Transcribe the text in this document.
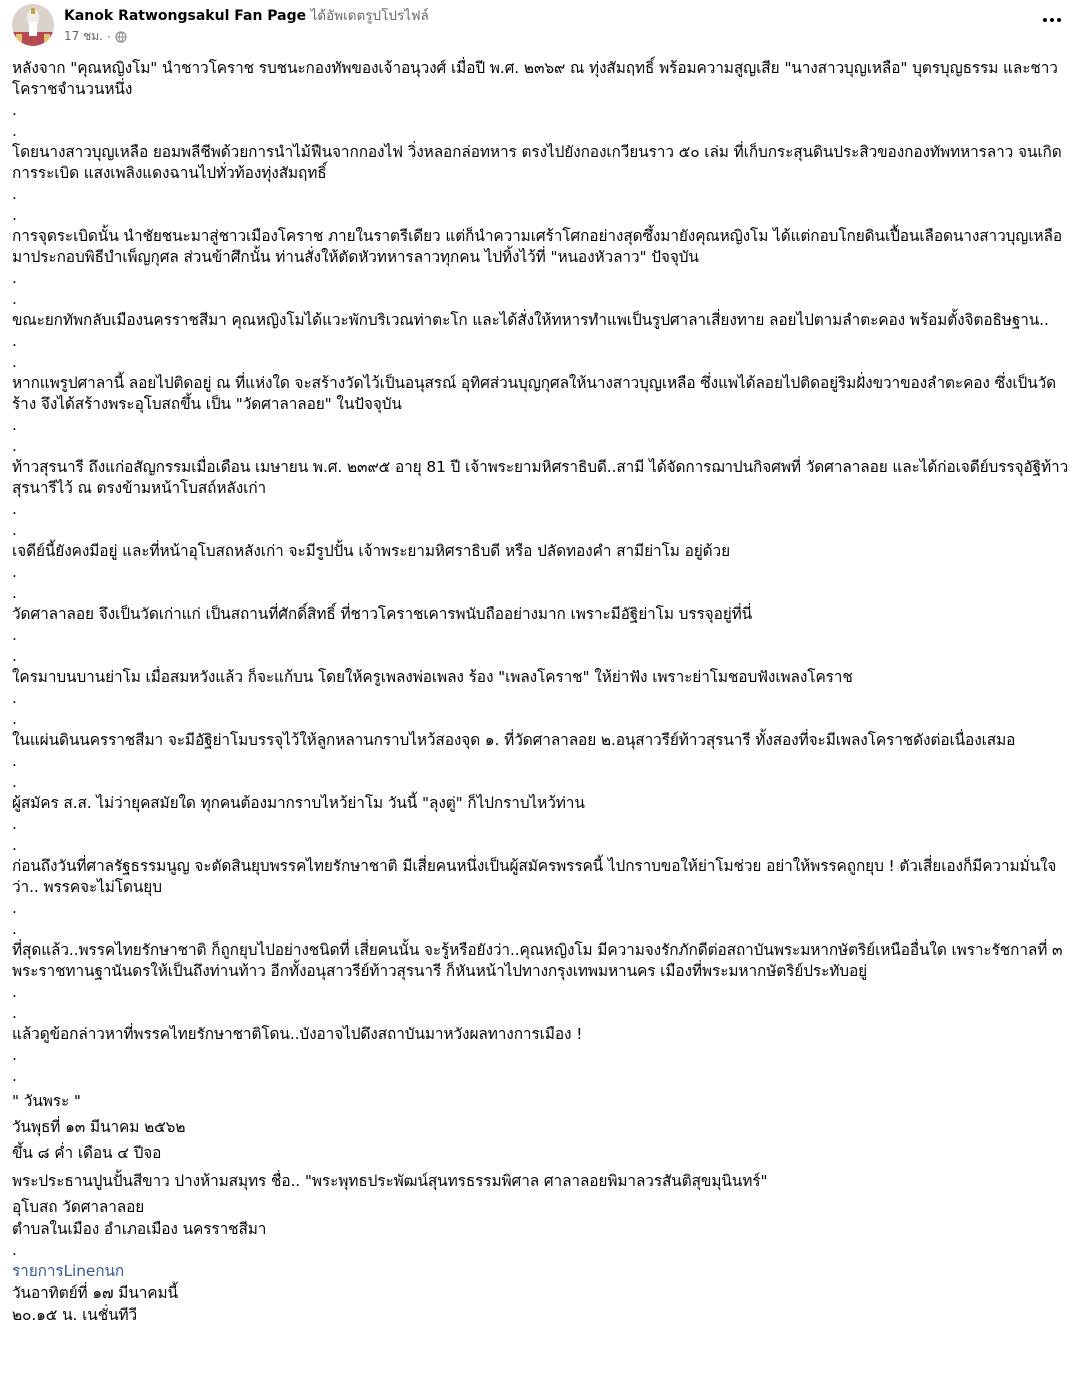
Kanok Ratwongsakul Fan Page ได้อัพเดตรูปโปรไฟล์
17 ชม. ·

หลังจาก "คุณหญิงโม" นำชาวโคราช รบชนะกองทัพของเจ้าอนุวงศ์ เมื่อปี พ.ศ. ๒๓๖๙ ณ ทุ่งสัมฤทธิ์ พร้อมความสูญเสีย "นางสาวบุญเหลือ" บุตรบุญธรรม และชาวโคราชจำนวนหนึ่ง

.

.

โดยนางสาวบุญเหลือ ยอมพลีชีพด้วยการนำไม้ฟืนจากกองไฟ วิ่งหลอกล่อทหาร ตรงไปยังกองเกวียนราว ๕๐ เล่ม ที่เก็บกระสุนดินประสิวของกองทัพทหารลาว จนเกิดการระเบิด แสงเพลิงแดงฉานไปทั่วท้องทุ่งสัมฤทธิ์

.

.

การจุดระเบิดนั้น นำชัยชนะมาสู่ชาวเมืองโคราช ภายในราตรีเดียว แต่ก็นำความเศร้าโศกอย่างสุดซึ้งมายังคุณหญิงโม ได้แต่กอบโกยดินเปื้อนเลือดนางสาวบุญเหลือ มาประกอบพิธีบำเพ็ญกุศล ส่วนข้าศึกนั้น ท่านสั่งให้ตัดหัวทหารลาวทุกคน ไปทิ้งไว้ที่ "หนองหัวลาว" ปัจจุบัน

.

.

ขณะยกทัพกลับเมืองนครราชสีมา คุณหญิงโมได้แวะพักบริเวณท่าตะโก และได้สั่งให้ทหารทำแพเป็นรูปศาลาเสี่ยงทาย ลอยไปตามลำตะคอง พร้อมตั้งจิตอธิษฐาน..

.

.

หากแพรูปศาลานี้ ลอยไปติดอยู่ ณ ที่แห่งใด จะสร้างวัดไว้เป็นอนุสรณ์ อุทิศส่วนบุญกุศลให้นางสาวบุญเหลือ ซึ่งแพได้ลอยไปติดอยู่ริมฝั่งขวาของลำตะคอง ซึ่งเป็นวัดร้าง จึงได้สร้างพระอุโบสถขึ้น เป็น "วัดศาลาลอย" ในปัจจุบัน

.

.

ท้าวสุรนารี ถึงแก่อสัญกรรมเมื่อเดือน เมษายน พ.ศ. ๒๓๙๕ อายุ 81 ปี เจ้าพระยามหิศราธิบดี..สามี ได้จัดการฌาปนกิจศพที่ วัดศาลาลอย และได้ก่อเจดีย์บรรจุอัฐิท้าวสุรนารีไว้ ณ ตรงข้ามหน้าโบสถ์หลังเก่า

.

.

เจดีย์นี้ยังคงมีอยู่ และที่หน้าอุโบสถหลังเก่า จะมีรูปปั้น เจ้าพระยามหิศราธิบดี หรือ ปลัดทองคำ สามีย่าโม อยู่ด้วย

.

.

วัดศาลาลอย จึงเป็นวัดเก่าแก่ เป็นสถานที่ศักดิ์สิทธิ์ ที่ชาวโคราชเคารพนับถืออย่างมาก เพราะมีอัฐิย่าโม บรรจุอยู่ที่นี่

.

.

ใครมาบนบานย่าโม เมื่อสมหวังแล้ว ก็จะแก้บน โดยให้ครูเพลงพ่อเพลง ร้อง "เพลงโคราช" ให้ย่าฟัง เพราะย่าโมชอบฟังเพลงโคราช

.

.

ในแผ่นดินนครราชสีมา จะมีอัฐิย่าโมบรรจุไว้ให้ลูกหลานกราบไหว้สองจุด ๑. ที่วัดศาลาลอย ๒.อนุสาวรีย์ท้าวสุรนารี ทั้งสองที่จะมีเพลงโคราชดังต่อเนื่องเสมอ

.

.

ผู้สมัคร ส.ส. ไม่ว่ายุคสมัยใด ทุกคนต้องมากราบไหว้ย่าโม วันนี้ "ลุงตู่" ก็ไปกราบไหว้ท่าน

.

.

ก่อนถึงวันที่ศาลรัฐธรรมนูญ จะตัดสินยุบพรรคไทยรักษาชาติ มีเสี่ยคนหนึ่งเป็นผู้สมัครพรรคนี้ ไปกราบขอให้ย่าโมช่วย อย่าให้พรรคถูกยุบ ! ตัวเสี่ยเองก็มีความมั่นใจว่า.. พรรคจะไม่โดนยุบ

.

.

ที่สุดแล้ว..พรรคไทยรักษาชาติ ก็ถูกยุบไปอย่างชนิดที่ เสี่ยคนนั้น จะรู้หรือยังว่า..คุณหญิงโม มีความจงรักภักดีต่อสถาบันพระมหากษัตริย์เหนืออื่นใด เพราะรัชกาลที่ ๓ พระราชทานฐานันดรให้เป็นถึงท่านท้าว อีกทั้งอนุสาวรีย์ท้าวสุรนารี ก็หันหน้าไปทางกรุงเทพมหานคร เมืองที่พระมหากษัตริย์ประทับอยู่

.

.

แล้วดูข้อกล่าวหาที่พรรคไทยรักษาชาติโดน..บังอาจไปดึงสถาบันมาหวังผลทางการเมือง !

.

.

" วันพระ "

วันพุธที่ ๑๓ มีนาคม ๒๕๖๒

ขึ้น ๘ ค่ำ เดือน ๔ ปีจอ

พระประธานปูนปั้นสีขาว ปางห้ามสมุทร ชื่อ.. "พระพุทธประพัฒน์สุนทรธรรมพิศาล ศาลาลอยพิมาลวรสันติสุขมุนินทร์"

อุโบสถ วัดศาลาลอย

ตำบลในเมือง อำเภอเมือง นครราชสีมา

.

รายการLineกนก

วันอาทิตย์ที่ ๑๗ มีนาคมนี้

๒๐.๑๕ น. เนชั่นทีวี
